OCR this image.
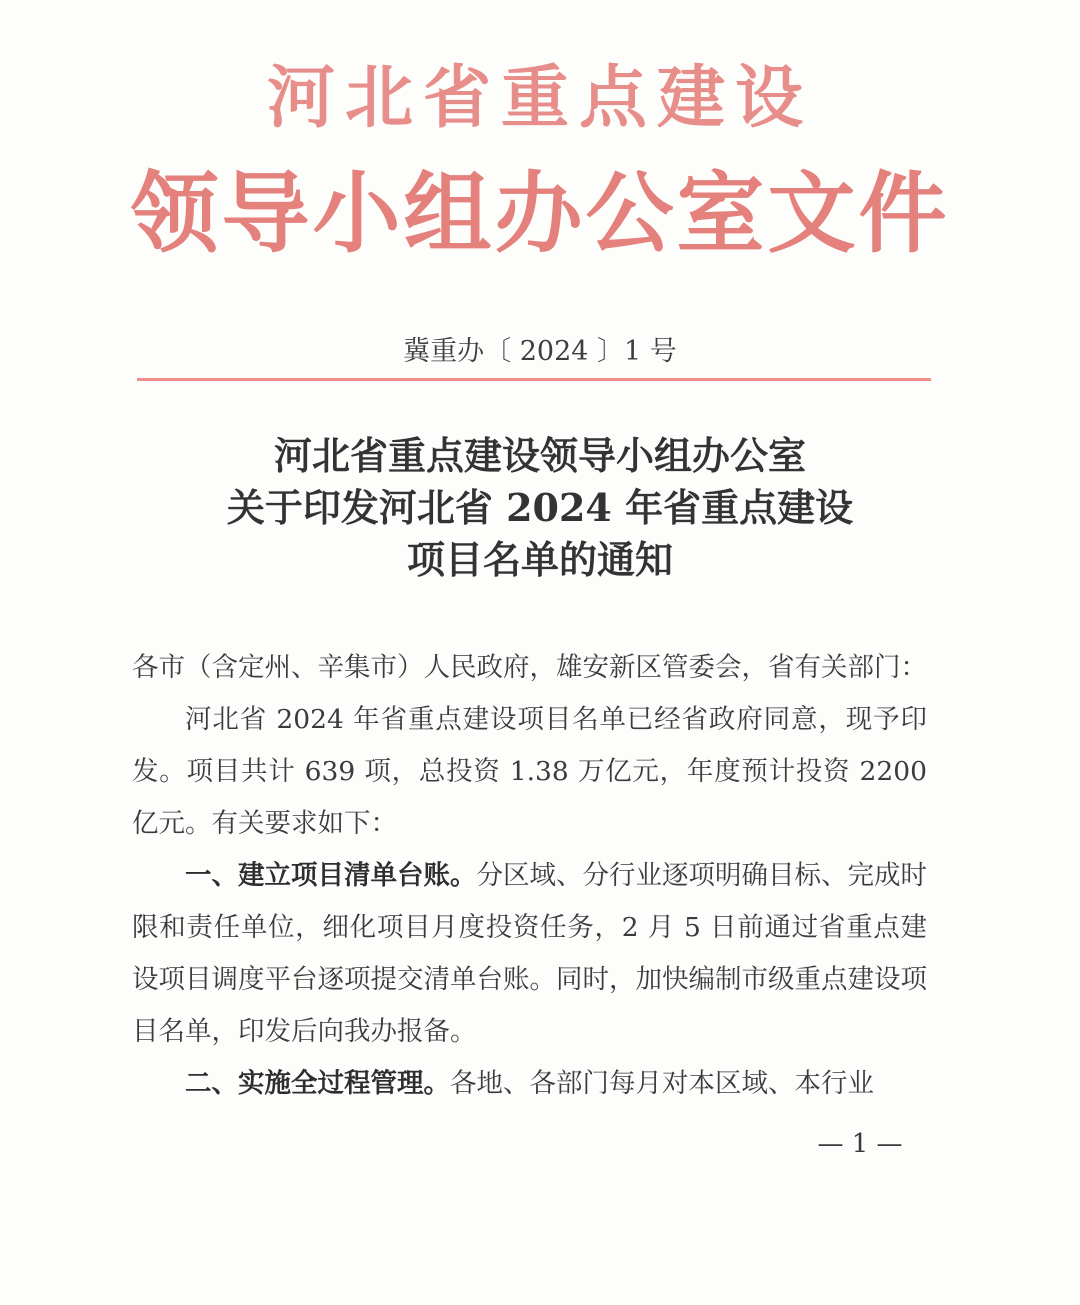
河北省重点建设
领导小组办公室文件
冀重办〔 2024 〕1 号
河北省重点建设领导小组办公室
关于印发河北省 2024 年省重点建设
项目名单的通知

各市（含定州、辛集市）人民政府，雄安新区管委会，省有关部门：

河北省 2024 年省重点建设项目名单已经省政府同意，现予印发。项目共计 639 项，总投资 1.38 万亿元，年度预计投资 2200 亿元。有关要求如下：

一、建立项目清单台账。分区域、分行业逐项明确目标、完成时限和责任单位，细化项目月度投资任务，2 月 5 日前通过省重点建设项目调度平台逐项提交清单台账。同时，加快编制市级重点建设项目名单，印发后向我办报备。

二、实施全过程管理。各地、各部门每月对本区域、本行业

— 1 —
